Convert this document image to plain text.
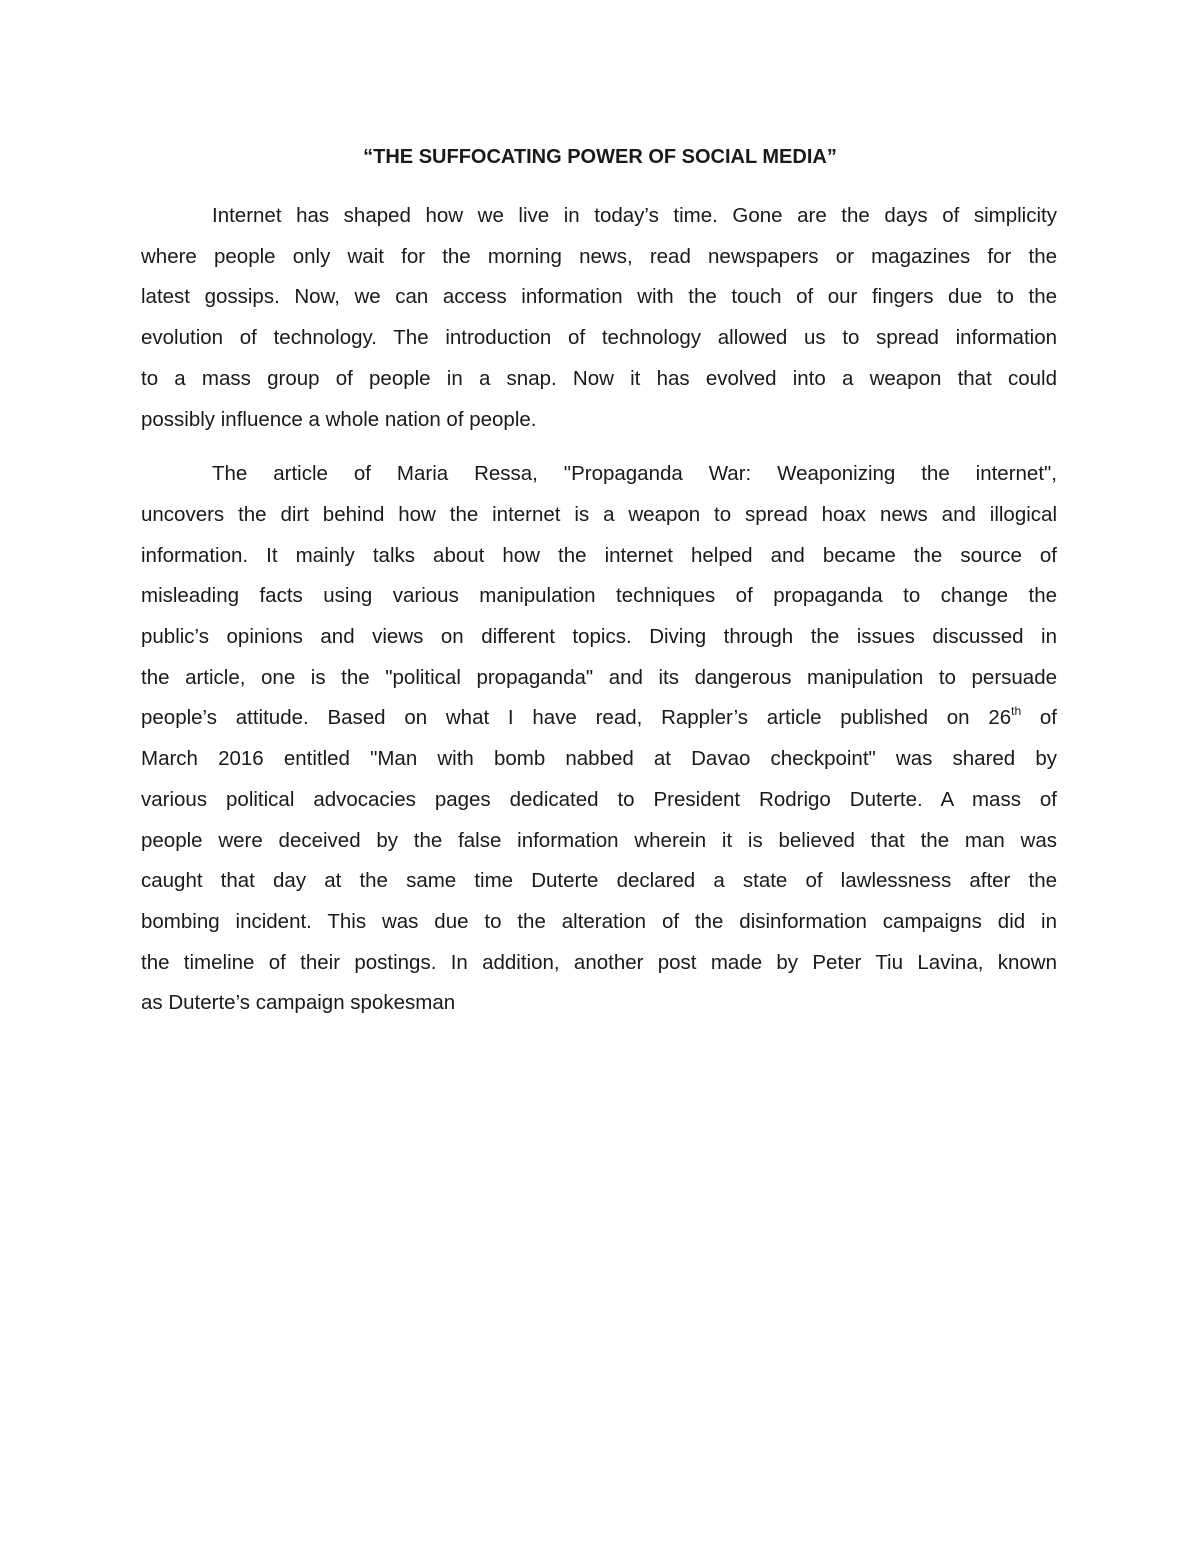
“THE SUFFOCATING POWER OF SOCIAL MEDIA”
Internet has shaped how we live in today’s time. Gone are the days of simplicity
where people only wait for the morning news, read newspapers or magazines for the
latest gossips. Now, we can access information with the touch of our fingers due to the
evolution of technology. The introduction of technology allowed us to spread information
to a mass group of people in a snap. Now it has evolved into a weapon that could
possibly influence a whole nation of people.
The article of Maria Ressa, "Propaganda War: Weaponizing the internet",
uncovers the dirt behind how the internet is a weapon to spread hoax news and illogical
information. It mainly talks about how the internet helped and became the source of
misleading facts using various manipulation techniques of propaganda to change the
public’s opinions and views on different topics. Diving through the issues discussed in
the article, one is the "political propaganda" and its dangerous manipulation to persuade
people’s attitude. Based on what I have read, Rappler’s article published on 26th of
March 2016 entitled "Man with bomb nabbed at Davao checkpoint" was shared by
various political advocacies pages dedicated to President Rodrigo Duterte. A mass of
people were deceived by the false information wherein it is believed that the man was
caught that day at the same time Duterte declared a state of lawlessness after the
bombing incident. This was due to the alteration of the disinformation campaigns did in
the timeline of their postings. In addition, another post made by Peter Tiu Lavina, known
as Duterte’s campaign spokesman
